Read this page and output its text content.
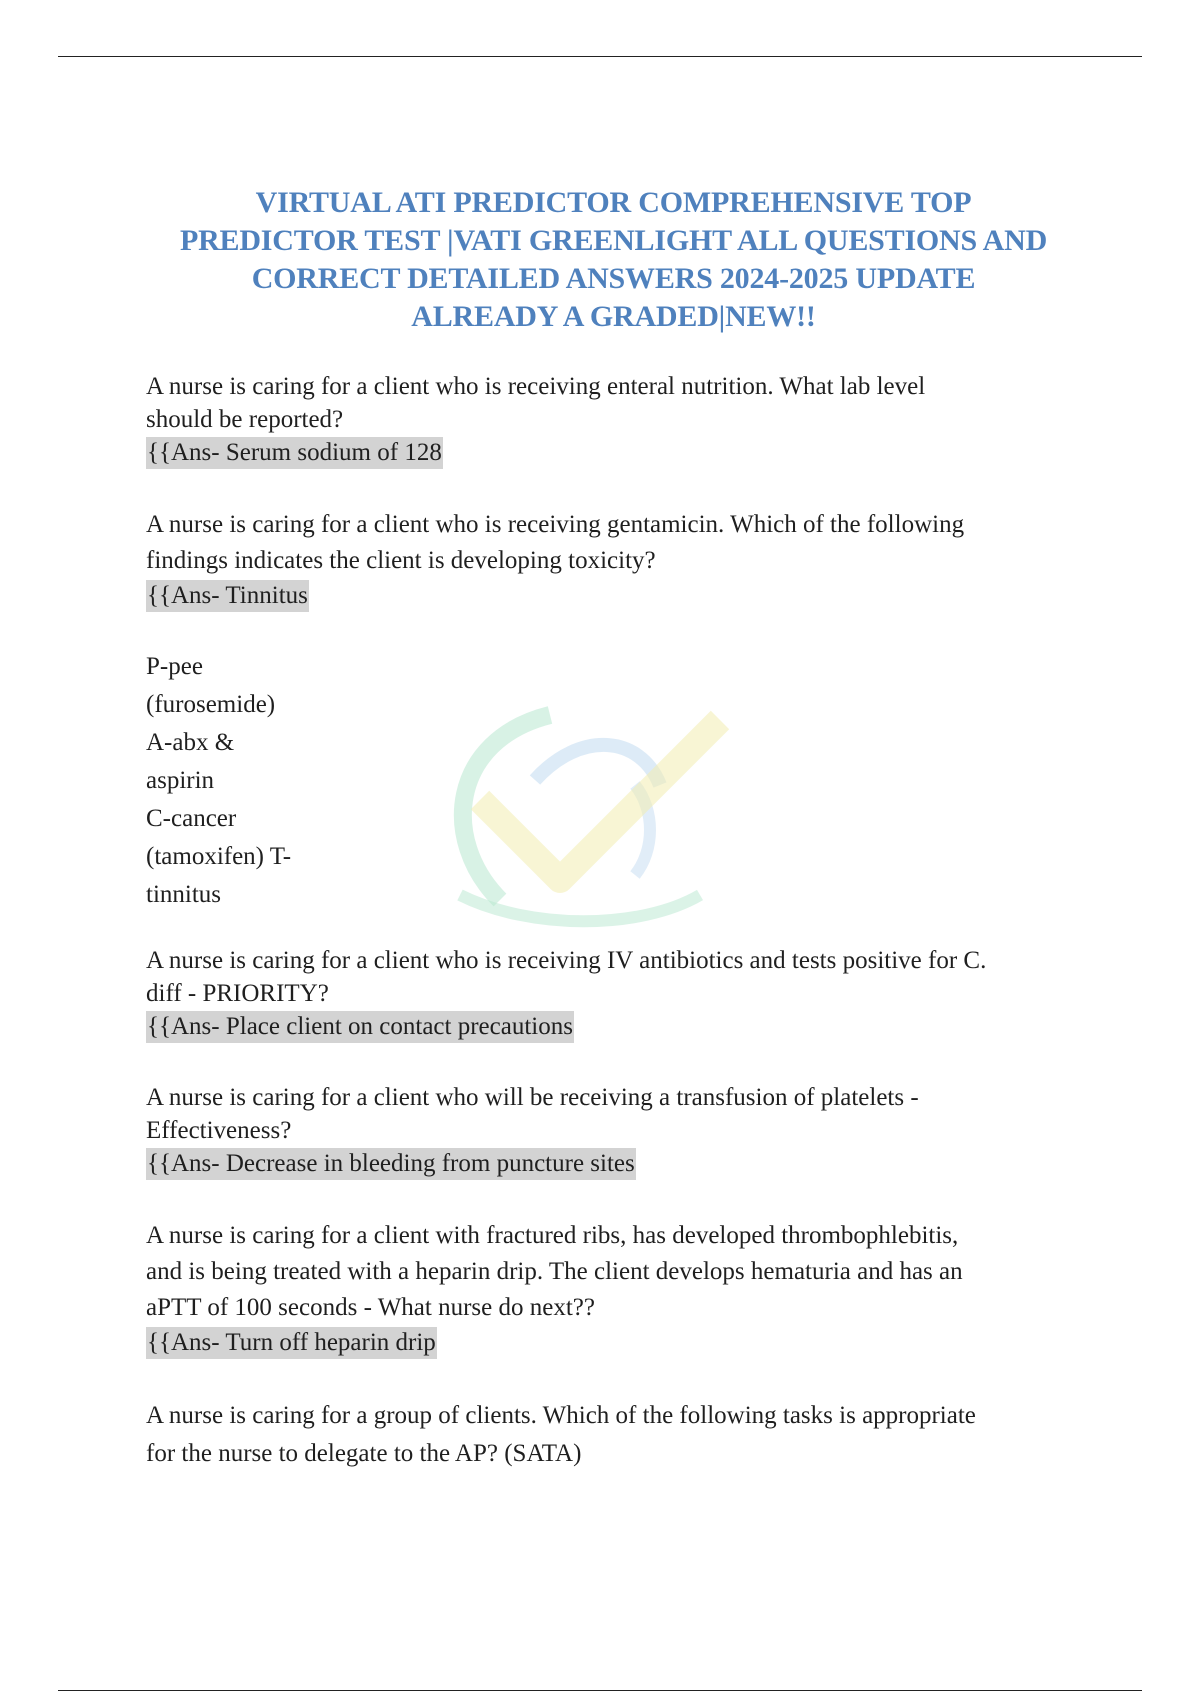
VIRTUAL ATI PREDICTOR COMPREHENSIVE TOP
PREDICTOR TEST |VATI GREENLIGHT ALL QUESTIONS AND
CORRECT DETAILED ANSWERS 2024-2025 UPDATE
ALREADY A GRADED|NEW!!
A nurse is caring for a client who is receiving enteral nutrition. What lab level
should be reported?
{{Ans- Serum sodium of 128
A nurse is caring for a client who is receiving gentamicin. Which of the following
findings indicates the client is developing toxicity?
{{Ans- Tinnitus
P-pee
(furosemide)
A-abx &
aspirin
C-cancer
(tamoxifen) T-
tinnitus
A nurse is caring for a client who is receiving IV antibiotics and tests positive for C.
diff - PRIORITY?
{{Ans- Place client on contact precautions
A nurse is caring for a client who will be receiving a transfusion of platelets -
Effectiveness?
{{Ans- Decrease in bleeding from puncture sites
A nurse is caring for a client with fractured ribs, has developed thrombophlebitis,
and is being treated with a heparin drip. The client develops hematuria and has an
aPTT of 100 seconds - What nurse do next??
{{Ans- Turn off heparin drip
A nurse is caring for a group of clients. Which of the following tasks is appropriate
for the nurse to delegate to the AP? (SATA)
